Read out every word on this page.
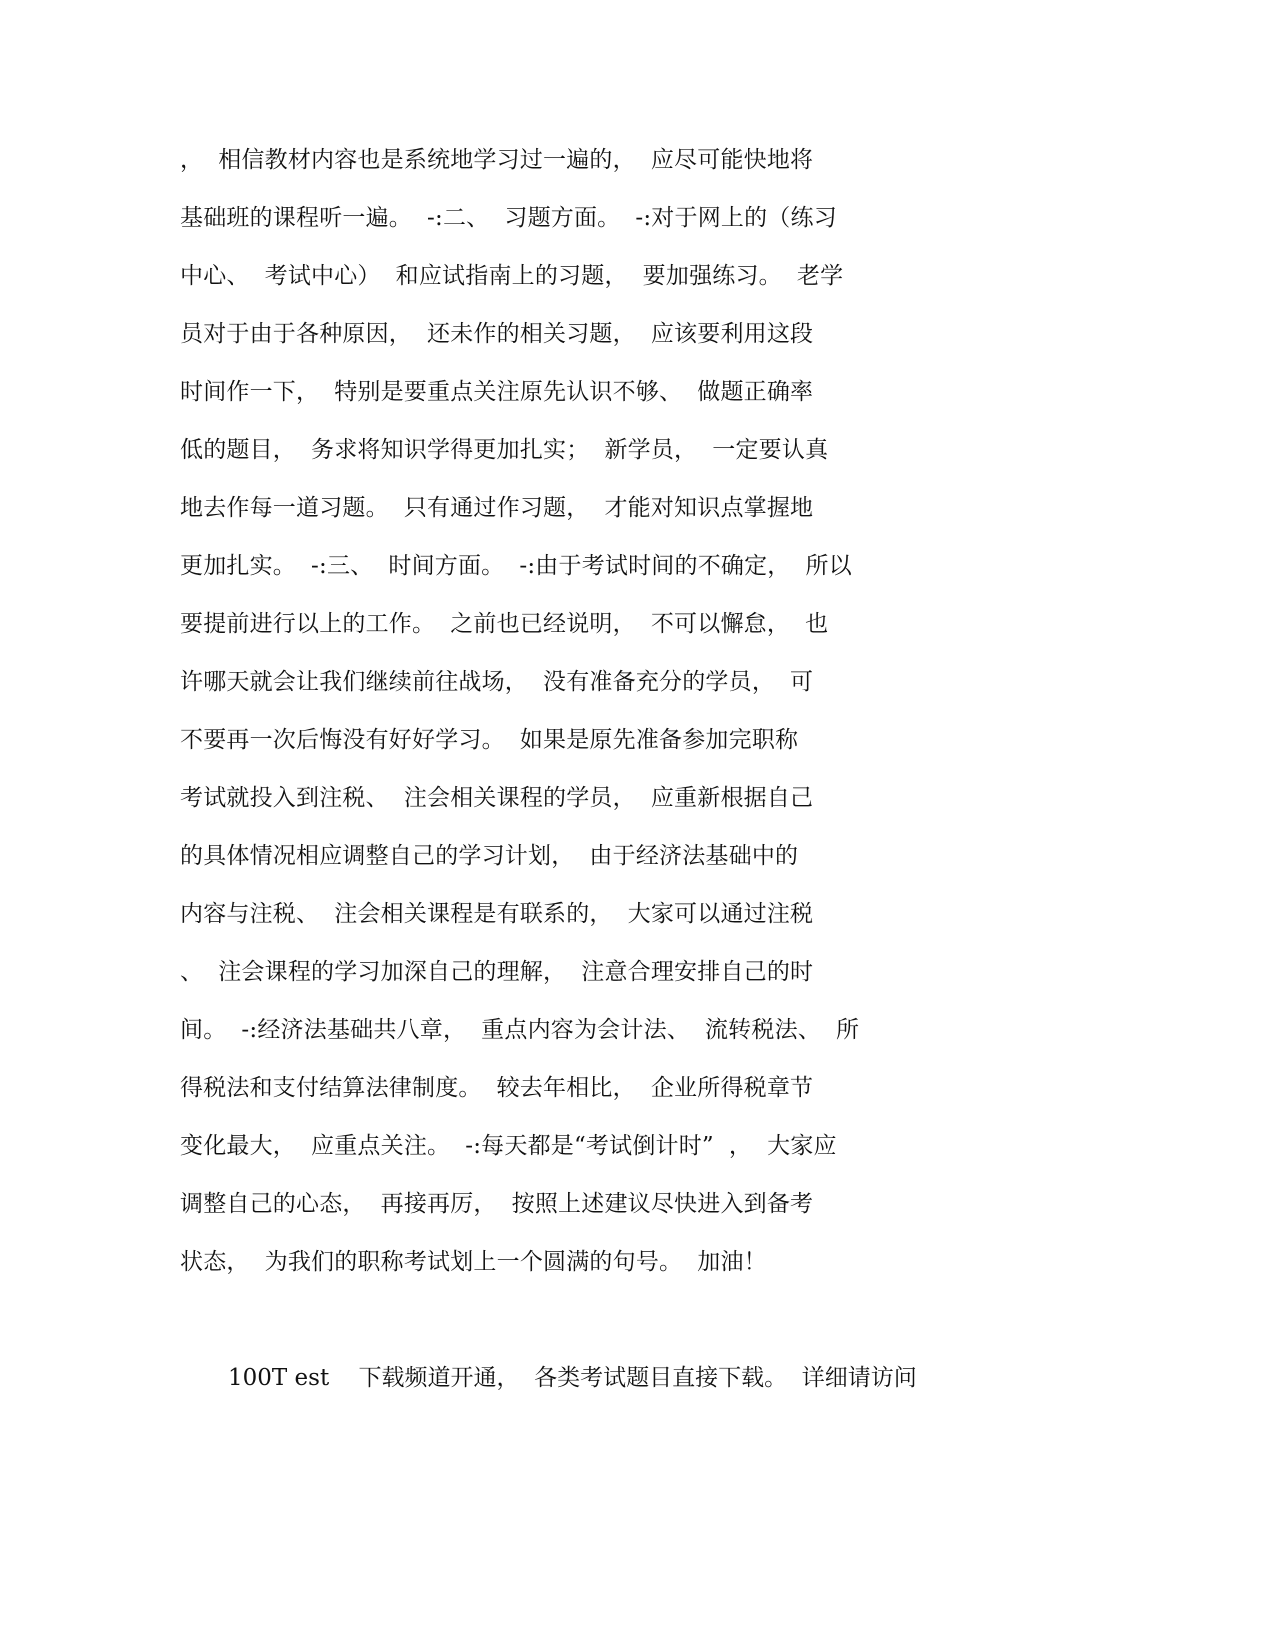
，  相信教材内容也是系统地学习过一遍的，  应尽可能快地将
基础班的课程听一遍。  -:二、  习题方面。  -:对于网上的（练习
中心、  考试中心）  和应试指南上的习题，  要加强练习。  老学
员对于由于各种原因，  还未作的相关习题，  应该要利用这段
时间作一下，  特别是要重点关注原先认识不够、  做题正确率
低的题目，  务求将知识学得更加扎实；  新学员，  一定要认真
地去作每一道习题。  只有通过作习题，  才能对知识点掌握地
更加扎实。  -:三、  时间方面。  -:由于考试时间的不确定，  所以
要提前进行以上的工作。  之前也已经说明，  不可以懈怠，  也
许哪天就会让我们继续前往战场，  没有准备充分的学员，  可
不要再一次后悔没有好好学习。  如果是原先准备参加完职称
考试就投入到注税、  注会相关课程的学员，  应重新根据自己
的具体情况相应调整自己的学习计划，  由于经济法基础中的
内容与注税、  注会相关课程是有联系的，  大家可以通过注税
、  注会课程的学习加深自己的理解，  注意合理安排自己的时
间。  -:经济法基础共八章，  重点内容为会计法、  流转税法、  所
得税法和支付结算法律制度。  较去年相比，  企业所得税章节
变化最大，  应重点关注。  -:每天都是“考试倒计时”  ，  大家应
调整自己的心态，  再接再厉，  按照上述建议尽快进入到备考
状态，  为我们的职称考试划上一个圆满的句号。  加油！
100T est    下载频道开通，  各类考试题目直接下载。  详细请访问
